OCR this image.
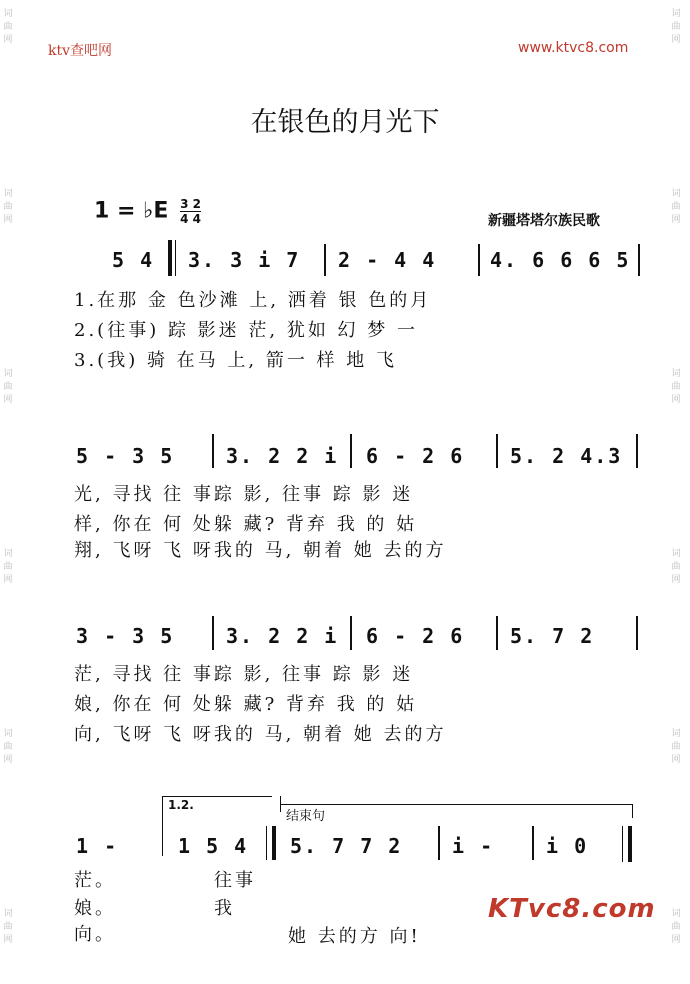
词曲网
词曲网
词曲网
词曲网
词曲网
词曲网
词曲网
词曲网
词曲网
词曲网
词曲网
词曲网
ktv查吧网	www.ktvc8.com
在银色的月光下
1 = ♭E $\frac{3 2}{4 4}$	新疆塔塔尔族民歌
5 4 3. 3 i 7 2 - 4 4	4. 6 6 6 5
1.在那 金 色沙滩 上, 洒着 银 色的月
2.(往事) 踪 影迷 茫, 犹如 幻 梦 一
3.(我) 骑 在马 上, 箭一 样 地 飞
5 - 3 5	3. 2 2 i 6 - 2 6 5. 2 4.3
光, 寻找 往 事踪 影, 往事 踪 影 迷
样, 你在 何 处躲 藏? 背弃 我 的 姑
翔, 飞呀 飞 呀我的 马, 朝着 她 去的方
3 - 3 5	3. 2 2 i 6 - 2 6 5. 7 2
茫, 寻找 往 事踪 影, 往事 踪 影 迷
娘, 你在 何 处躲 藏? 背弃 我 的 姑
向, 飞呀 飞 呀我的 马, 朝着 她 去的方
1.2.
结束句
1 -	1 5 4 5. 7 7 2 i -	i 0
茫。
娘。
向。
往事
我
她 去的方 向!
KTvc8.com
